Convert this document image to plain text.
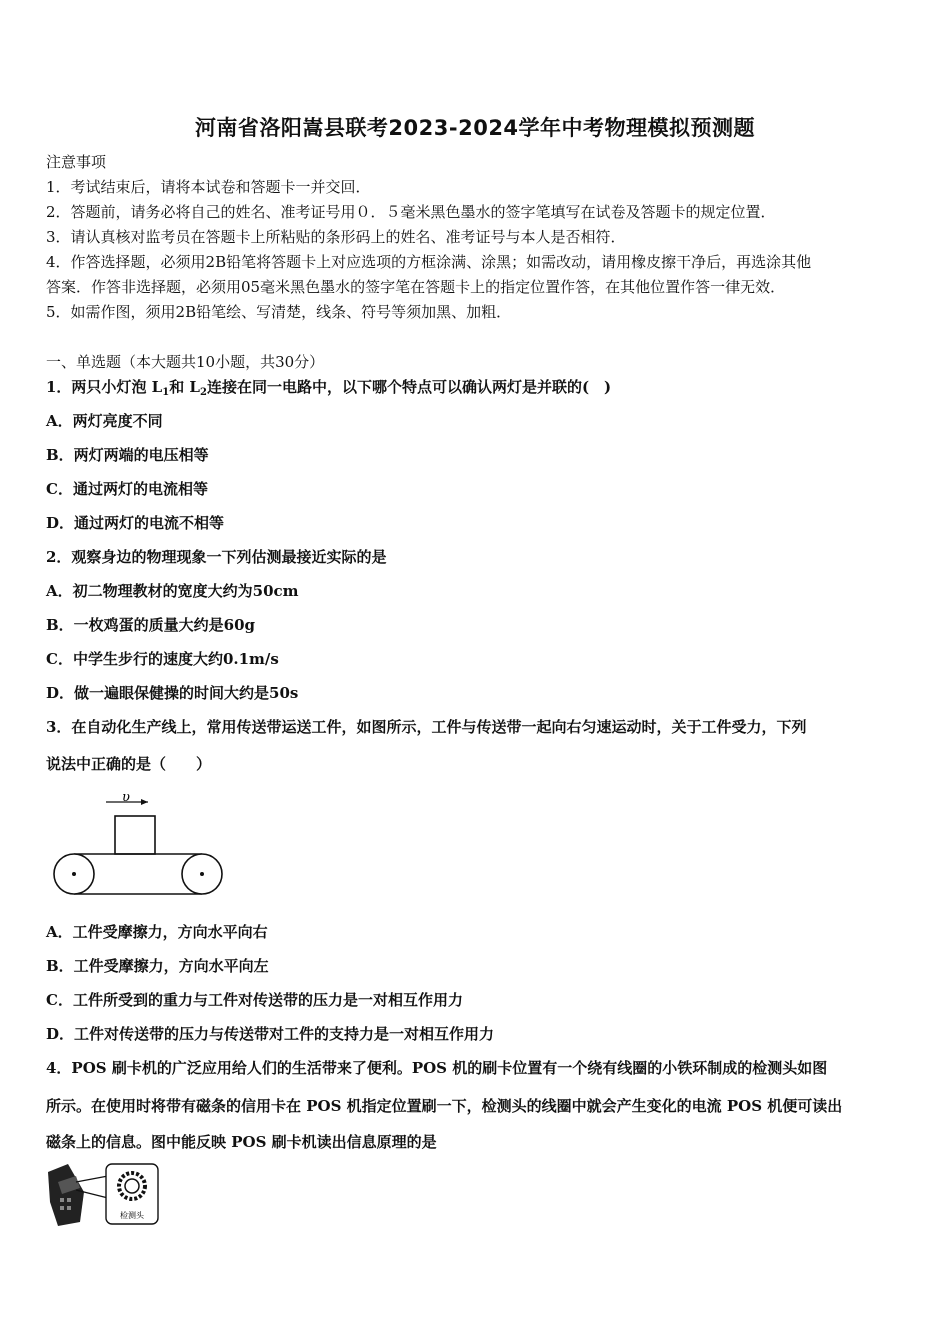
河南省洛阳嵩县联考2023-2024学年中考物理模拟预测题
注意事项
1．考试结束后，请将本试卷和答题卡一并交回．
2．答题前，请务必将自己的姓名、准考证号用０．５毫米黑色墨水的签字笔填写在试卷及答题卡的规定位置．
3．请认真核对监考员在答题卡上所粘贴的条形码上的姓名、准考证号与本人是否相符．
4．作答选择题，必须用2B铅笔将答题卡上对应选项的方框涂满、涂黑；如需改动，请用橡皮擦干净后，再选涂其他
答案．作答非选择题，必须用05毫米黑色墨水的签字笔在答题卡上的指定位置作答，在其他位置作答一律无效．
5．如需作图，须用2B铅笔绘、写清楚，线条、符号等须加黑、加粗．
一、单选题（本大题共10小题，共30分）
1．两只小灯泡 $L_1$和 $L_2$连接在同一电路中，以下哪个特点可以确认两灯是并联的(　)
A．两灯亮度不同
B．两灯两端的电压相等
C．通过两灯的电流相等
D．通过两灯的电流不相等
2．观察身边的物理现象一下列估测最接近实际的是
A．初二物理教材的宽度大约为50cm
B．一枚鸡蛋的质量大约是60g
C．中学生步行的速度大约0.1m/s
D．做一遍眼保健操的时间大约是50s
3．在自动化生产线上，常用传送带运送工件，如图所示，工件与传送带一起向右匀速运动时，关于工件受力，下列
说法中正确的是（　　）
υ
A．工件受摩擦力，方向水平向右
B．工件受摩擦力，方向水平向左
C．工件所受到的重力与工件对传送带的压力是一对相互作用力
D．工件对传送带的压力与传送带对工件的支持力是一对相互作用力
4．POS 刷卡机的广泛应用给人们的生活带来了便利。POS 机的刷卡位置有一个绕有线圈的小铁环制成的检测头如图
所示。在使用时将带有磁条的信用卡在 POS 机指定位置刷一下，检测头的线圈中就会产生变化的电流 POS 机便可读出
磁条上的信息。图中能反映 POS 刷卡机读出信息原理的是
检测头
